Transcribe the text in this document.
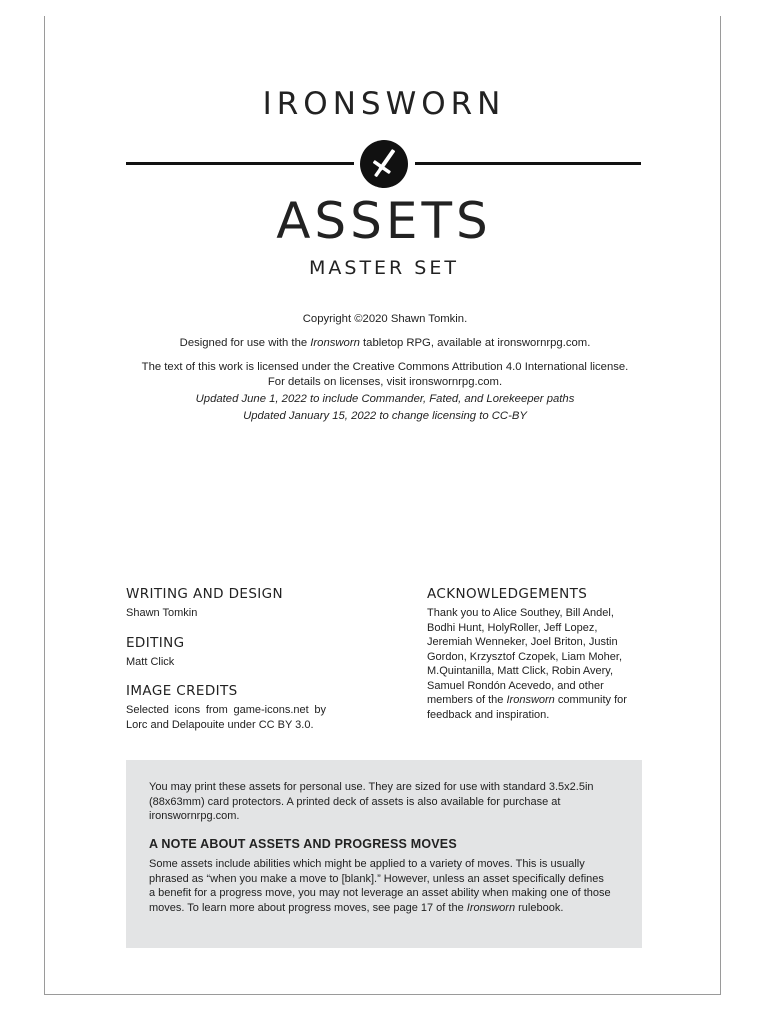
IRONSWORN
ASSETS
MASTER SET

Copyright ©2020 Shawn Tomkin.

Designed for use with the Ironsworn tabletop RPG, available at ironswornrpg.com.

The text of this work is licensed under the Creative Commons Attribution 4.0 International license. For details on licenses, visit ironswornrpg.com.

Updated June 1, 2022 to include Commander, Fated, and Lorekeeper paths

Updated January 15, 2022 to change licensing to CC-BY

WRITING AND DESIGN
Shawn Tomkin
EDITING
Matt Click
IMAGE CREDITS
Selected icons from game-icons.net by Lorc and Delapouite under CC BY 3.0.
ACKNOWLEDGEMENTS
Thank you to Alice Southey, Bill Andel, Bodhi Hunt, HolyRoller, Jeff Lopez, Jeremiah Wenneker, Joel Briton, Justin Gordon, Krzysztof Czopek, Liam Moher, M.Quintanilla, Matt Click, Robin Avery, Samuel Rondón Acevedo, and other members of the Ironsworn community for feedback and inspiration.

You may print these assets for personal use. They are sized for use with standard 3.5x2.5in (88x63mm) card protectors. A printed deck of assets is also available for purchase at ironswornrpg.com.

A NOTE ABOUT ASSETS AND PROGRESS MOVES

Some assets include abilities which might be applied to a variety of moves. This is usually phrased as “when you make a move to [blank].” However, unless an asset specifically defines

a benefit for a progress move, you may not leverage an asset ability when making one of those moves. To learn more about progress moves, see page 17 of the Ironsworn rulebook.
